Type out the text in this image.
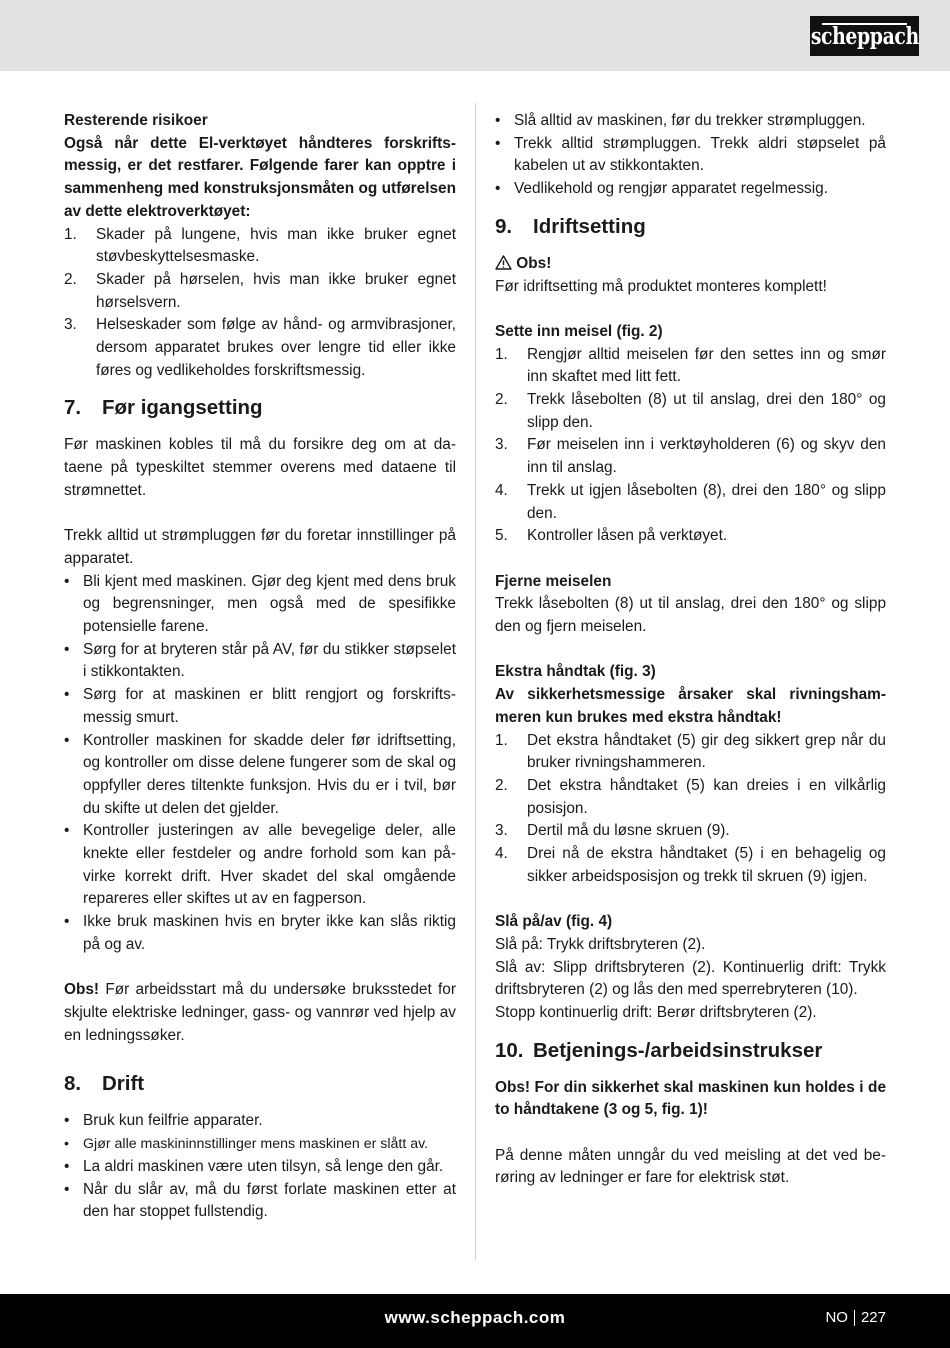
scheppach

Resterende risikoer

Også når dette El-verktøyet håndteres forskriftsmessig, er det restfarer. Følgende farer kan opptre i sammenheng med konstruksjonsmåten og utførelsen av dette elektroverktøyet:

1.	Skader på lungene, hvis man ikke bruker egnet støvbeskyttelsesmaske.
2.	Skader på hørselen, hvis man ikke bruker egnet hørselsvern.
3.	Helseskader som følge av hånd- og armvibrasjoner, dersom apparatet brukes over lengre tid eller ikke føres og vedlikeholdes forskriftsmessig.
7.	Før igangsetting

Før maskinen kobles til må du forsikre deg om at dataene på typeskiltet stemmer overens med dataene til strømnettet.

Trekk alltid ut strømpluggen før du foretar innstillinger på apparatet.

• Bli kjent med maskinen. Gjør deg kjent med dens bruk og begrensninger, men også med de spesifikke potensielle farene.
• Sørg for at bryteren står på AV, før du stikker støpselet i stikkontakten.
• Sørg for at maskinen er blitt rengjort og forskriftsmessig smurt.
• Kontroller maskinen for skadde deler før idriftsetting, og kontroller om disse delene fungerer som de skal og oppfyller deres tiltenkte funksjon. Hvis du er i tvil, bør du skifte ut delen det gjelder.
• Kontroller justeringen av alle bevegelige deler, alle knekte eller festdeler og andre forhold som kan påvirke korrekt drift. Hver skadet del skal omgående repareres eller skiftes ut av en fagperson.
• Ikke bruk maskinen hvis en bryter ikke kan slås riktig på og av.

Obs! Før arbeidsstart må du undersøke bruksstedet for skjulte elektriske ledninger, gass- og vannrør ved hjelp av en ledningssøker.

8.	Drift
• Bruk kun feilfrie apparater.
• Gjør alle maskininnstillinger mens maskinen er slått av.
• La aldri maskinen være uten tilsyn, så lenge den går.
• Når du slår av, må du først forlate maskinen etter at den har stoppet fullstendig.
• Slå alltid av maskinen, før du trekker strømpluggen.
• Trekk alltid strømpluggen. Trekk aldri støpselet på kabelen ut av stikkontakten.
• Vedlikehold og rengjør apparatet regelmessig.
9.	Idriftsetting

Obs!

Før idriftsetting må produktet monteres komplett!

Sette inn meisel (fig. 2)

1.	Rengjør alltid meiselen før den settes inn og smør inn skaftet med litt fett.
2.	Trekk låsebolten (8) ut til anslag, drei den 180° og slipp den.
3.	Før meiselen inn i verktøyholderen (6) og skyv den inn til anslag.
4.	Trekk ut igjen låsebolten (8), drei den 180° og slipp den.
5.	Kontroller låsen på verktøyet.

Fjerne meiselen

Trekk låsebolten (8) ut til anslag, drei den 180° og slipp den og fjern meiselen.

Ekstra håndtak (fig. 3)

Av sikkerhetsmessige årsaker skal rivningshammeren kun brukes med ekstra håndtak!

1.	Det ekstra håndtaket (5) gir deg sikkert grep når du bruker rivningshammeren.
2.	Det ekstra håndtaket (5) kan dreies i en vilkårlig posisjon.
3.	Dertil må du løsne skruen (9).
4.	Drei nå de ekstra håndtaket (5) i en behagelig og sikker arbeidsposisjon og trekk til skruen (9) igjen.

Slå på/av (fig. 4)

Slå på: Trykk driftsbryteren (2).

Slå av: Slipp driftsbryteren (2). Kontinuerlig drift: Trykk driftsbryteren (2) og lås den med sperrebryteren (10).

Stopp kontinuerlig drift: Berør driftsbryteren (2).

10. Betjenings-/arbeidsinstrukser

Obs! For din sikkerhet skal maskinen kun holdes i de to håndtakene (3 og 5, fig. 1)!

På denne måten unngår du ved meisling at det ved berøring av ledninger er fare for elektrisk støt.

www.scheppach.com	NO 227
